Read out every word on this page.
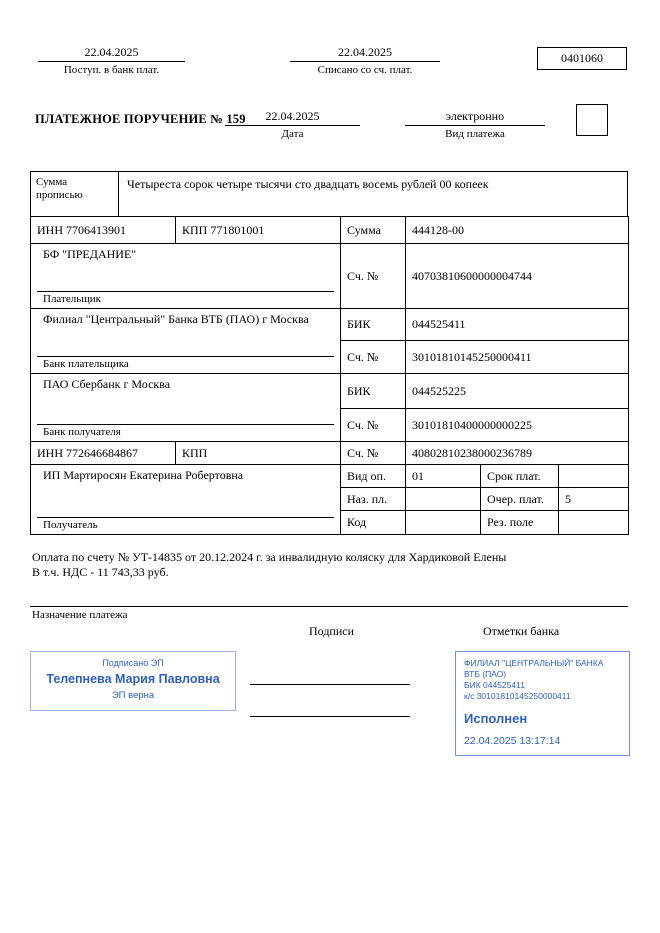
22.04.2025
Поступ. в банк плат.
22.04.2025
Списано со сч. плат.
0401060
ПЛАТЕЖНОЕ ПОРУЧЕНИЕ № 159	22.04.2025
Дата
электронно
Вид платежа
Сумма
прописью
Четыреста сорок четыре тысячи сто двадцать восемь рублей 00 копеек
ИНН 7706413901	КПП 771801001	Сумма	444128-00		

БФ "ПРЕДАНИЕ"
Плательщик		Сч. №	40703810600000004744		

Филиал "Центральный" Банка ВТБ (ПАО) г Москва
Банк плательщика		БИК	044525411		
		Сч. №	30101810145250000411		

ПАО Сбербанк г Москва
Банк получателя		БИК	044525225		
		Сч. №	30101810400000000225		
ИНН 772646684867	КПП	Сч. №	40802810238000236789		

ИП Мартиросян Екатерина Робертовна
Получатель		Вид оп.	01	Срок плат.	
		Наз. пл.		Очер. плат.	5
		Код		Рез. поле	
Оплата по счету № УТ-14835 от 20.12.2024 г. за инвалидную коляску для Хардиковой Елены
В т.ч. НДС - 11 743,33 руб.
Назначение платежа
Подписи	Отметки банка
Подписано ЭП
Телепнева Мария Павловна
ЭП верна
ФИЛИАЛ "ЦЕНТРАЛЬНЫЙ" БАНКА
ВТБ (ПАО)
БИК 044525411
к/с 30101810145250000411
Исполнен
22.04.2025 13:17:14
